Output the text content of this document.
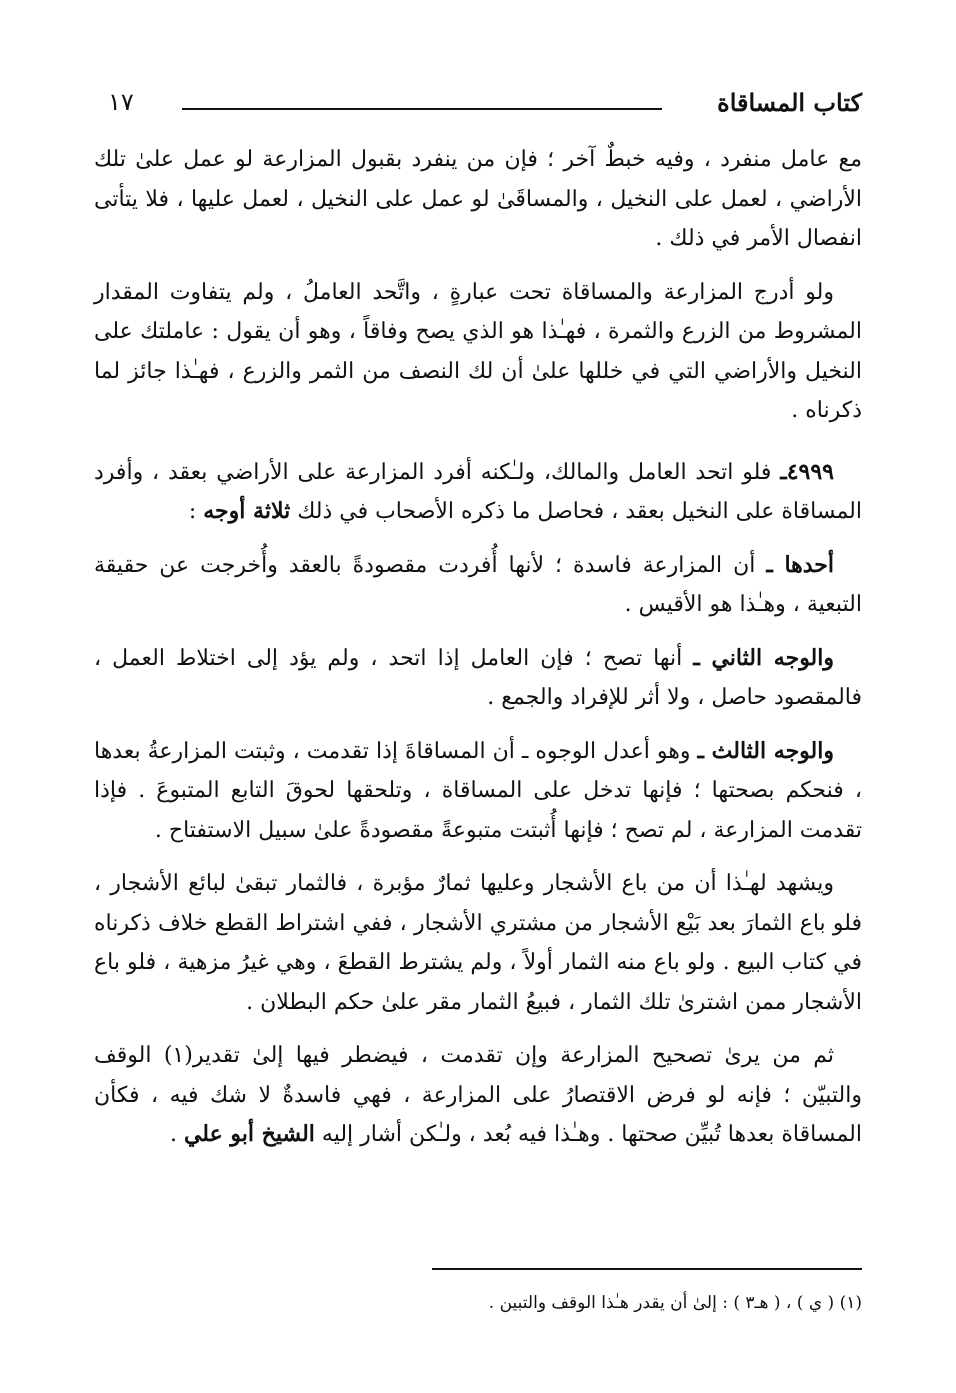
كتاب المساقاة
١٧

مع عامل منفرد ، وفيه خبطٌ آخر ؛ فإن من ينفرد بقبول المزارعة لو عمل علىٰ تلك الأراضي ، لعمل على النخيل ، والمساقَىٰ لو عمل على النخيل ، لعمل عليها ، فلا يتأتى انفصال الأمر في ذلك .

ولو أدرج المزارعة والمساقاة تحت عبارةٍ ، واتَّحد العاملُ ، ولم يتفاوت المقدار المشروط من الزرع والثمرة ، فهـٰذا هو الذي يصح وفاقاً ، وهو أن يقول : عاملتك على النخيل والأراضي التي في خللها علىٰ أن لك النصف من الثمر والزرع ، فهـٰذا جائز لما ذكرناه .

٤٩٩٩ـ فلو اتحد العامل والمالك، ولـٰكنه أفرد المزارعة على الأراضي بعقد ، وأفرد المساقاة على النخيل بعقد ، فحاصل ما ذكره الأصحاب في ذلك ثلاثة أوجه :

أحدها ـ أن المزارعة فاسدة ؛ لأنها أُفردت مقصودةً بالعقد وأُخرجت عن حقيقة التبعية ، وهـٰذا هو الأقيس .

والوجه الثاني ـ أنها تصح ؛ فإن العامل إذا اتحد ، ولم يؤد إلى اختلاط العمل ، فالمقصود حاصل ، ولا أثر للإفراد والجمع .

والوجه الثالث ـ وهو أعدل الوجوه ـ أن المساقاةَ إذا تقدمت ، وثبتت المزارعةُ بعدها ، فنحكم بصحتها ؛ فإنها تدخل على المساقاة ، وتلحقها لحوقَ التابع المتبوعَ . فإذا تقدمت المزارعة ، لم تصح ؛ فإنها أُثبتت متبوعةً مقصودةً علىٰ سبيل الاستفتاح .

ويشهد لهـٰذا أن من باع الأشجار وعليها ثمارٌ مؤبرة ، فالثمار تبقىٰ لبائع الأشجار ، فلو باع الثمارَ بعد بَيْع الأشجار من مشتري الأشجار ، ففي اشتراط القطع خلاف ذكرناه في كتاب البيع . ولو باع منه الثمار أولاً ، ولم يشترط القطعَ ، وهي غيرُ مزهية ، فلو باع الأشجار ممن اشترىٰ تلك الثمار ، فبيعُ الثمار مقر علىٰ حكم البطلان .

ثم من يرىٰ تصحيح المزارعة وإن تقدمت ، فيضطر فيها إلىٰ تقدير(١) الوقف والتبيّن ؛ فإنه لو فرض الاقتصارُ على المزارعة ، فهي فاسدةٌ لا شك فيه ، فكأن المساقاة بعدها تُبيِّن صحتها . وهـٰذا فيه بُعد ، ولـٰكن أشار إليه الشيخ أبو علي .

(١) ( ي ) ، ( هـ٣ ) : إلىٰ أن يقدر هـٰذا الوقف والتبين .
